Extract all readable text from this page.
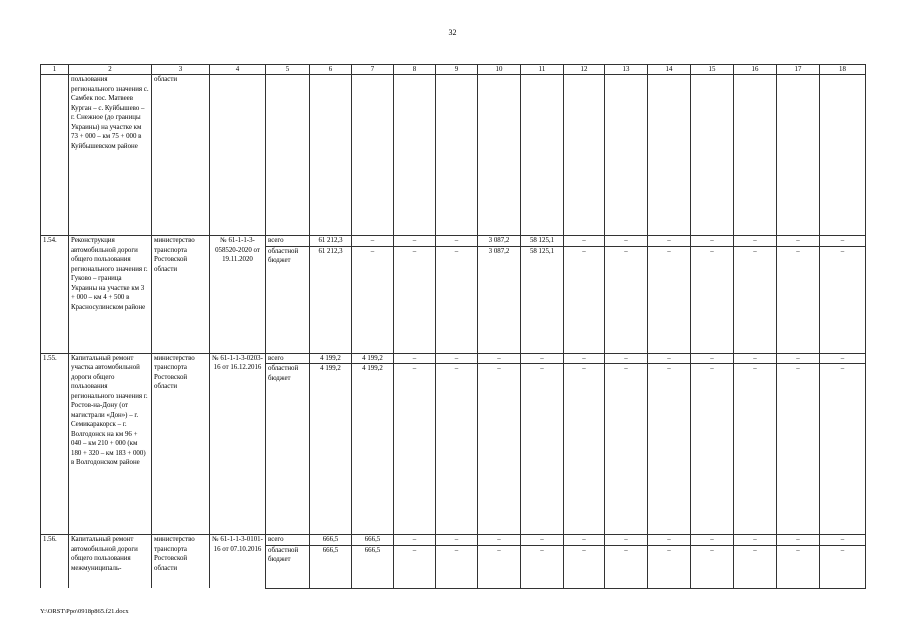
32
1	2	3	4	5	6	7	8	9	10	11	12	13	14	15	16	17	18
	пользования регионального значения с. Самбек пос. Матвеев Курган – с. Куйбышево – г. Снежное (до границы Украины) на участке км 73 + 000 – км 75 + 000 в Куйбышевском районе	области															
1.54.	Реконструкция автомобильной дороги общего пользования регионального значения г. Гуково – граница Украины на участке км 3 + 000 – км 4 + 500 в Красносулинском районе	министерство транспорта Ростовской области	№ 61-1-1-3-058520-2020 от 19.11.2020	всего	61 212,3	–	–	–	3 087,2	58 125,1	–	–	–	–	–	–	–
				областной бюджет	61 212,3	–	–	–	3 087,2	58 125,1	–	–	–	–	–	–	–
1.55.	Капитальный ремонт участка автомобильной дороги общего пользования регионального значения г. Ростов-на-Дону (от магистрали «Дон») – г. Семикаракорск – г. Волгодонск на км 96 + 040 – км 210 + 000 (км 180 + 320 – км 183 + 000) в Волгодонском районе	министерство транспорта Ростовской области	№ 61-1-1-3-0203-16 от 16.12.2016	всего	4 199,2	4 199,2	–	–	–	–	–	–	–	–	–	–	–
				областной бюджет	4 199,2	4 199,2	–	–	–	–	–	–	–	–	–	–	–
1.56.	Капитальный ремонт автомобильной дороги общего пользования межмуниципаль-	министерство транспорта Ростовской области	№ 61-1-1-3-0101-16 от 07.10.2016	всего	666,5	666,5	–	–	–	–	–	–	–	–	–	–	–
				областной бюджет	666,5	666,5	–	–	–	–	–	–	–	–	–	–	–
Y:\ORST\Ppo\0918p865.f21.docx
